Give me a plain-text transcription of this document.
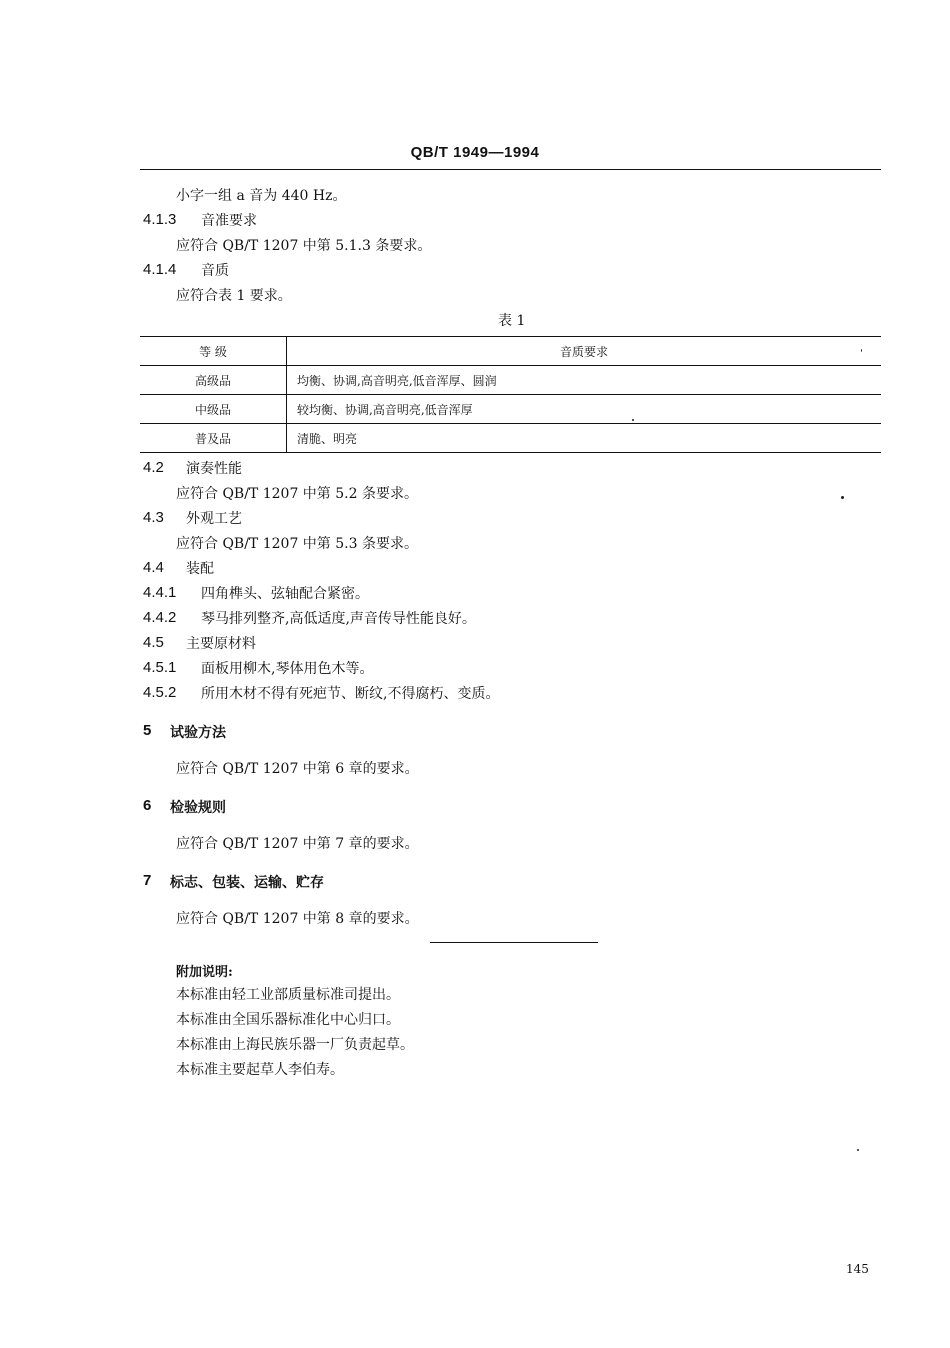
QB/T 1949—1994
小字一组 a 音为 440 Hz。
4.1.3 音准要求
应符合 QB/T 1207 中第 5.1.3 条要求。
4.1.4 音质
应符合表 1 要求。
表 1
等 级	音质要求
高级品	均衡、协调,高音明亮,低音浑厚、圆润
中级品	较均衡、协调,高音明亮,低音浑厚
普及品	清脆、明亮
4.2 演奏性能
应符合 QB/T 1207 中第 5.2 条要求。
4.3 外观工艺
应符合 QB/T 1207 中第 5.3 条要求。
4.4 装配
4.4.1 四角榫头、弦轴配合紧密。
4.4.2 琴马排列整齐,高低适度,声音传导性能良好。
4.5 主要原材料
4.5.1 面板用柳木,琴体用色木等。
4.5.2 所用木材不得有死疤节、断纹,不得腐朽、变质。
5 试验方法
应符合 QB/T 1207 中第 6 章的要求。
6 检验规则
应符合 QB/T 1207 中第 7 章的要求。
7 标志、包装、运输、贮存
应符合 QB/T 1207 中第 8 章的要求。
附加说明:
本标准由轻工业部质量标准司提出。
本标准由全国乐器标准化中心归口。
本标准由上海民族乐器一厂负责起草。
本标准主要起草人李伯寿。
145
